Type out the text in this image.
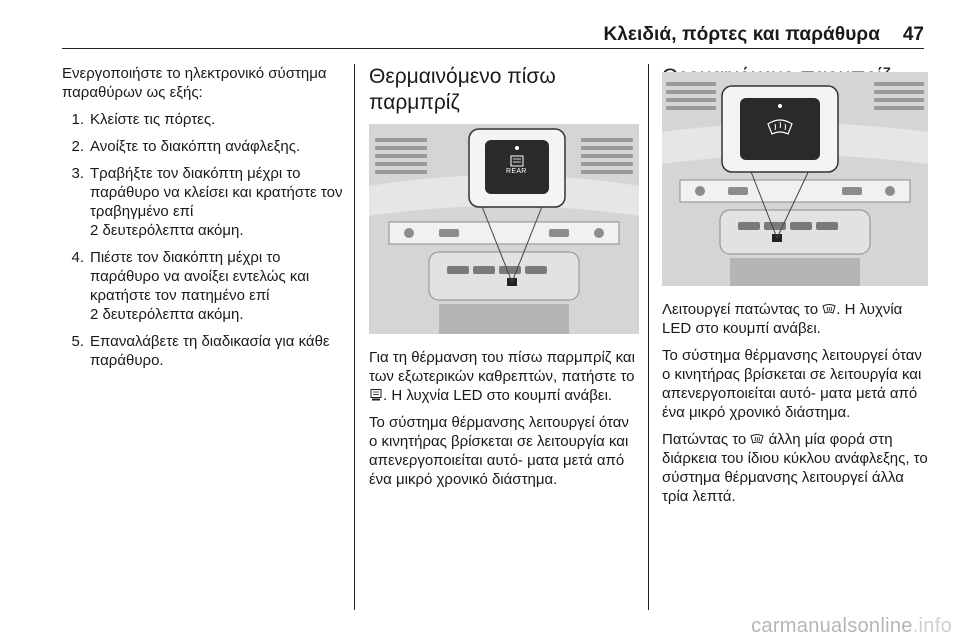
Κλειδιά, πόρτες και παράθυρα 47

Ενεργοποιήστε το ηλεκτρονικό σύστημα παραθύρων ως εξής:

1. Κλείστε τις πόρτες.
2. Ανοίξτε το διακόπτη ανάφλεξης.
3. Τραβήξτε τον διακόπτη μέχρι το παράθυρο να κλείσει και κρατήστε τον τραβηγμένο επί
2 δευτερόλεπτα ακόμη.
4. Πιέστε τον διακόπτη μέχρι το παράθυρο να ανοίξει εντελώς και κρατήστε τον πατημένο επί
2 δευτερόλεπτα ακόμη.
5. Επαναλάβετε τη διαδικασία για κάθε παράθυρο.
Θερμαινόμενο πίσω παρμπρίζ
REAR

Για τη θέρμανση του πίσω παρμπρίζ και των εξωτερικών καθρεπτών, πατήστε το . Η λυχνία LED στο κουμπί ανάβει.

Το σύστημα θέρμανσης λειτουργεί όταν ο κινητήρας βρίσκεται σε λειτουργία και απενεργοποιείται αυτό- ματα μετά από ένα μικρό χρονικό διάστημα.

Λειτουργεί πατώντας το . Η λυχνία LED στο κουμπί ανάβει.

Το σύστημα θέρμανσης λειτουργεί όταν ο κινητήρας βρίσκεται σε λειτουργία και απενεργοποιείται αυτό- ματα μετά από ένα μικρό χρονικό διάστημα.

Πατώντας το  άλλη μία φορά στη διάρκεια του ίδιου κύκλου ανάφλεξης, το σύστημα θέρμανσης λειτουργεί άλλα τρία λεπτά.

carmanualsonline.info
